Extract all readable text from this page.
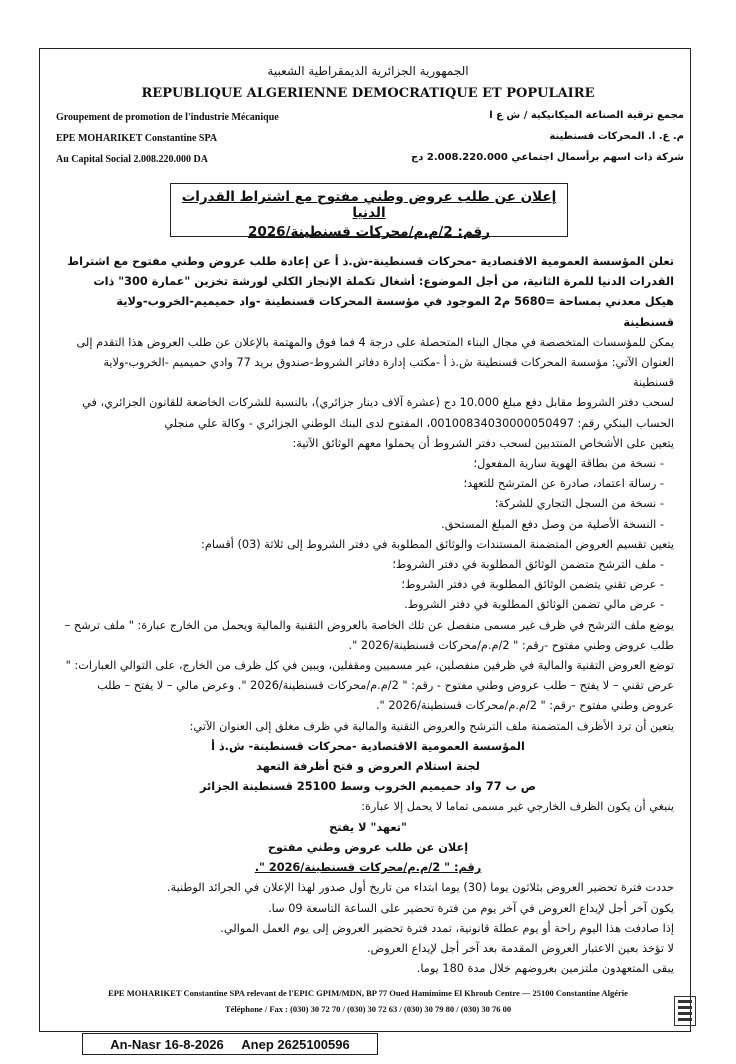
الجمهورية الجزائرية الديمقراطية الشعبية
REPUBLIQUE ALGERIENNE DEMOCRATIQUE ET POPULAIRE
Groupement de promotion de l'industrie Mécanique
EPE MOHARIKET Constantine SPA
Au Capital Social 2.008.220.000 DA
مجمع ترقية الصناعة الميكانيكية / ش ع ا
م. ع. ا. المحركات قسنطينة
شركة ذات اسهم برأسمال اجتماعي 2.008.220.000 دج
إعلان عن طلب عروض وطني مفتوح مع اشتراط القدرات الدنيا
رقم: 2/م.م/محركات قسنطينة/2026

تعلن المؤسسة العمومية الاقتصادية -محركات قسنطينة-ش.ذ أ عن إعادة طلب عروض وطني مفتوح مع اشتراط القدرات الدنيا للمرة الثانية، من أجل الموضوع: أشغال تكملة الإنجاز الكلي لورشة تخزين "عمارة 300" ذات هيكل معدني بمساحة =5680 م2 الموجود في مؤسسة المحركات قسنطينة -واد حميميم-الخروب-ولاية قسنطينة

يمكن للمؤسسات المتخصصة في مجال البناء المتحصلة على درجة 4 فما فوق والمهتمة بالإعلان عن طلب العروض هذا التقدم إلى العنوان الآتي: مؤسسة المحركات قسنطينة ش.ذ أ -مكتب إدارة دفاتر الشروط-صندوق بريد 77 وادي حميميم -الخروب-ولاية قسنطينة

لسحب دفتر الشروط مقابل دفع مبلغ 10.000 دج (عشرة آلاف دينار جزائري)، بالنسبة للشركات الخاضعة للقانون الجزائري، في الحساب البنكي رقم: 00100834030000050497، المفتوح لدى البنك الوطني الجزائري - وكالة علي منجلي

يتعين على الأشخاص المنتدبين لسحب دفتر الشروط أن يحملوا معهم الوثائق الآتية:

- نسخة من بطاقة الهوية سارية المفعول؛

- رسالة اعتماد، صادرة عن المترشح للتعهد؛

- نسخة من السجل التجاري للشركة؛

- النسخة الأصلية من وصل دفع المبلغ المستحق.

يتعين تقسيم العروض المتضمنة المستندات والوثائق المطلوبة في دفتر الشروط إلى ثلاثة (03) أقسام:

- ملف الترشح متضمن الوثائق المطلوبة في دفتر الشروط؛

- عرض تقني يتضمن الوثائق المطلوبة في دفتر الشروط؛

- عرض مالي تضمن الوثائق المطلوبة في دفتر الشروط.

يوضع ملف الترشح في ظرف غير مسمى منفصل عن تلك الخاصة بالعروض التقنية والمالية ويحمل من الخارج عبارة: " ملف ترشح – طلب عروض وطني مفتوح -رقم: " 2/م.م/محركات قسنطينة/2026 ".

توضع العروض التقنية والمالية في ظرفين منفصلين، غير مسميين ومقفلين، ويبين في كل ظرف من الخارج، على التوالي العبارات: " عرض تقني – لا يفتح – طلب عروض وطني مفتوح - رقم: " 2/م.م/محركات قسنطينة/2026 ". وعرض مالي – لا يفتح – طلب عروض وطني مفتوح -رقم: " 2/م.م/محركات قسنطينة/2026 ".

يتعين أن ترد الأظرف المتضمنة ملف الترشح والعروض التقنية والمالية في ظرف مغلق إلى العنوان الآتي:

المؤسسة العمومية الاقتصادية -محركات قسنطينة- ش.ذ أ

لجنة استلام العروض و فتح أظرفة التعهد

ص ب 77 واد حميميم الخروب وسط 25100 قسنطينة الجزائر

ينبغي أن يكون الظرف الخارجي غير مسمى تماما لا يحمل إلا عبارة:

"تعهد" لا يفتح

إعلان عن طلب عروض وطني مفتوح

رقم: " 2/م.م/محركات قسنطينة/2026 ".

حددت فترة تحضير العروض بثلاثون يوما (30) يوما ابتداء من تاريخ أول صدور لهذا الإعلان في الجرائد الوطنية.

يكون آخر أجل لإيداع العروض في آخر يوم من فترة تحضير على الساعة التاسعة 09 سا.

إذا صادفت هذا اليوم راحة أو يوم عطلة قانونية، تمدد فترة تحضير العروض إلى يوم العمل الموالي.

لا تؤخذ بعين الاعتبار العروض المقدمة بعد آخر أجل لإيداع العروض.

يبقى المتعهدون ملتزمين بعروضهم خلال مدة 180 يوما.

EPE MOHARIKET Constantine SPA relevant de l'EPIC GPIM/MDN, BP 77 Oued Hamimime El Khroub Centre — 25100 Constantine Algérie
Téléphone / Fax : (030) 30 72 70 / (030) 30 72 63 / (030) 30 79 80 / (030) 30 76 00
An-Nasr 16-8-2026 Anep 2625100596
